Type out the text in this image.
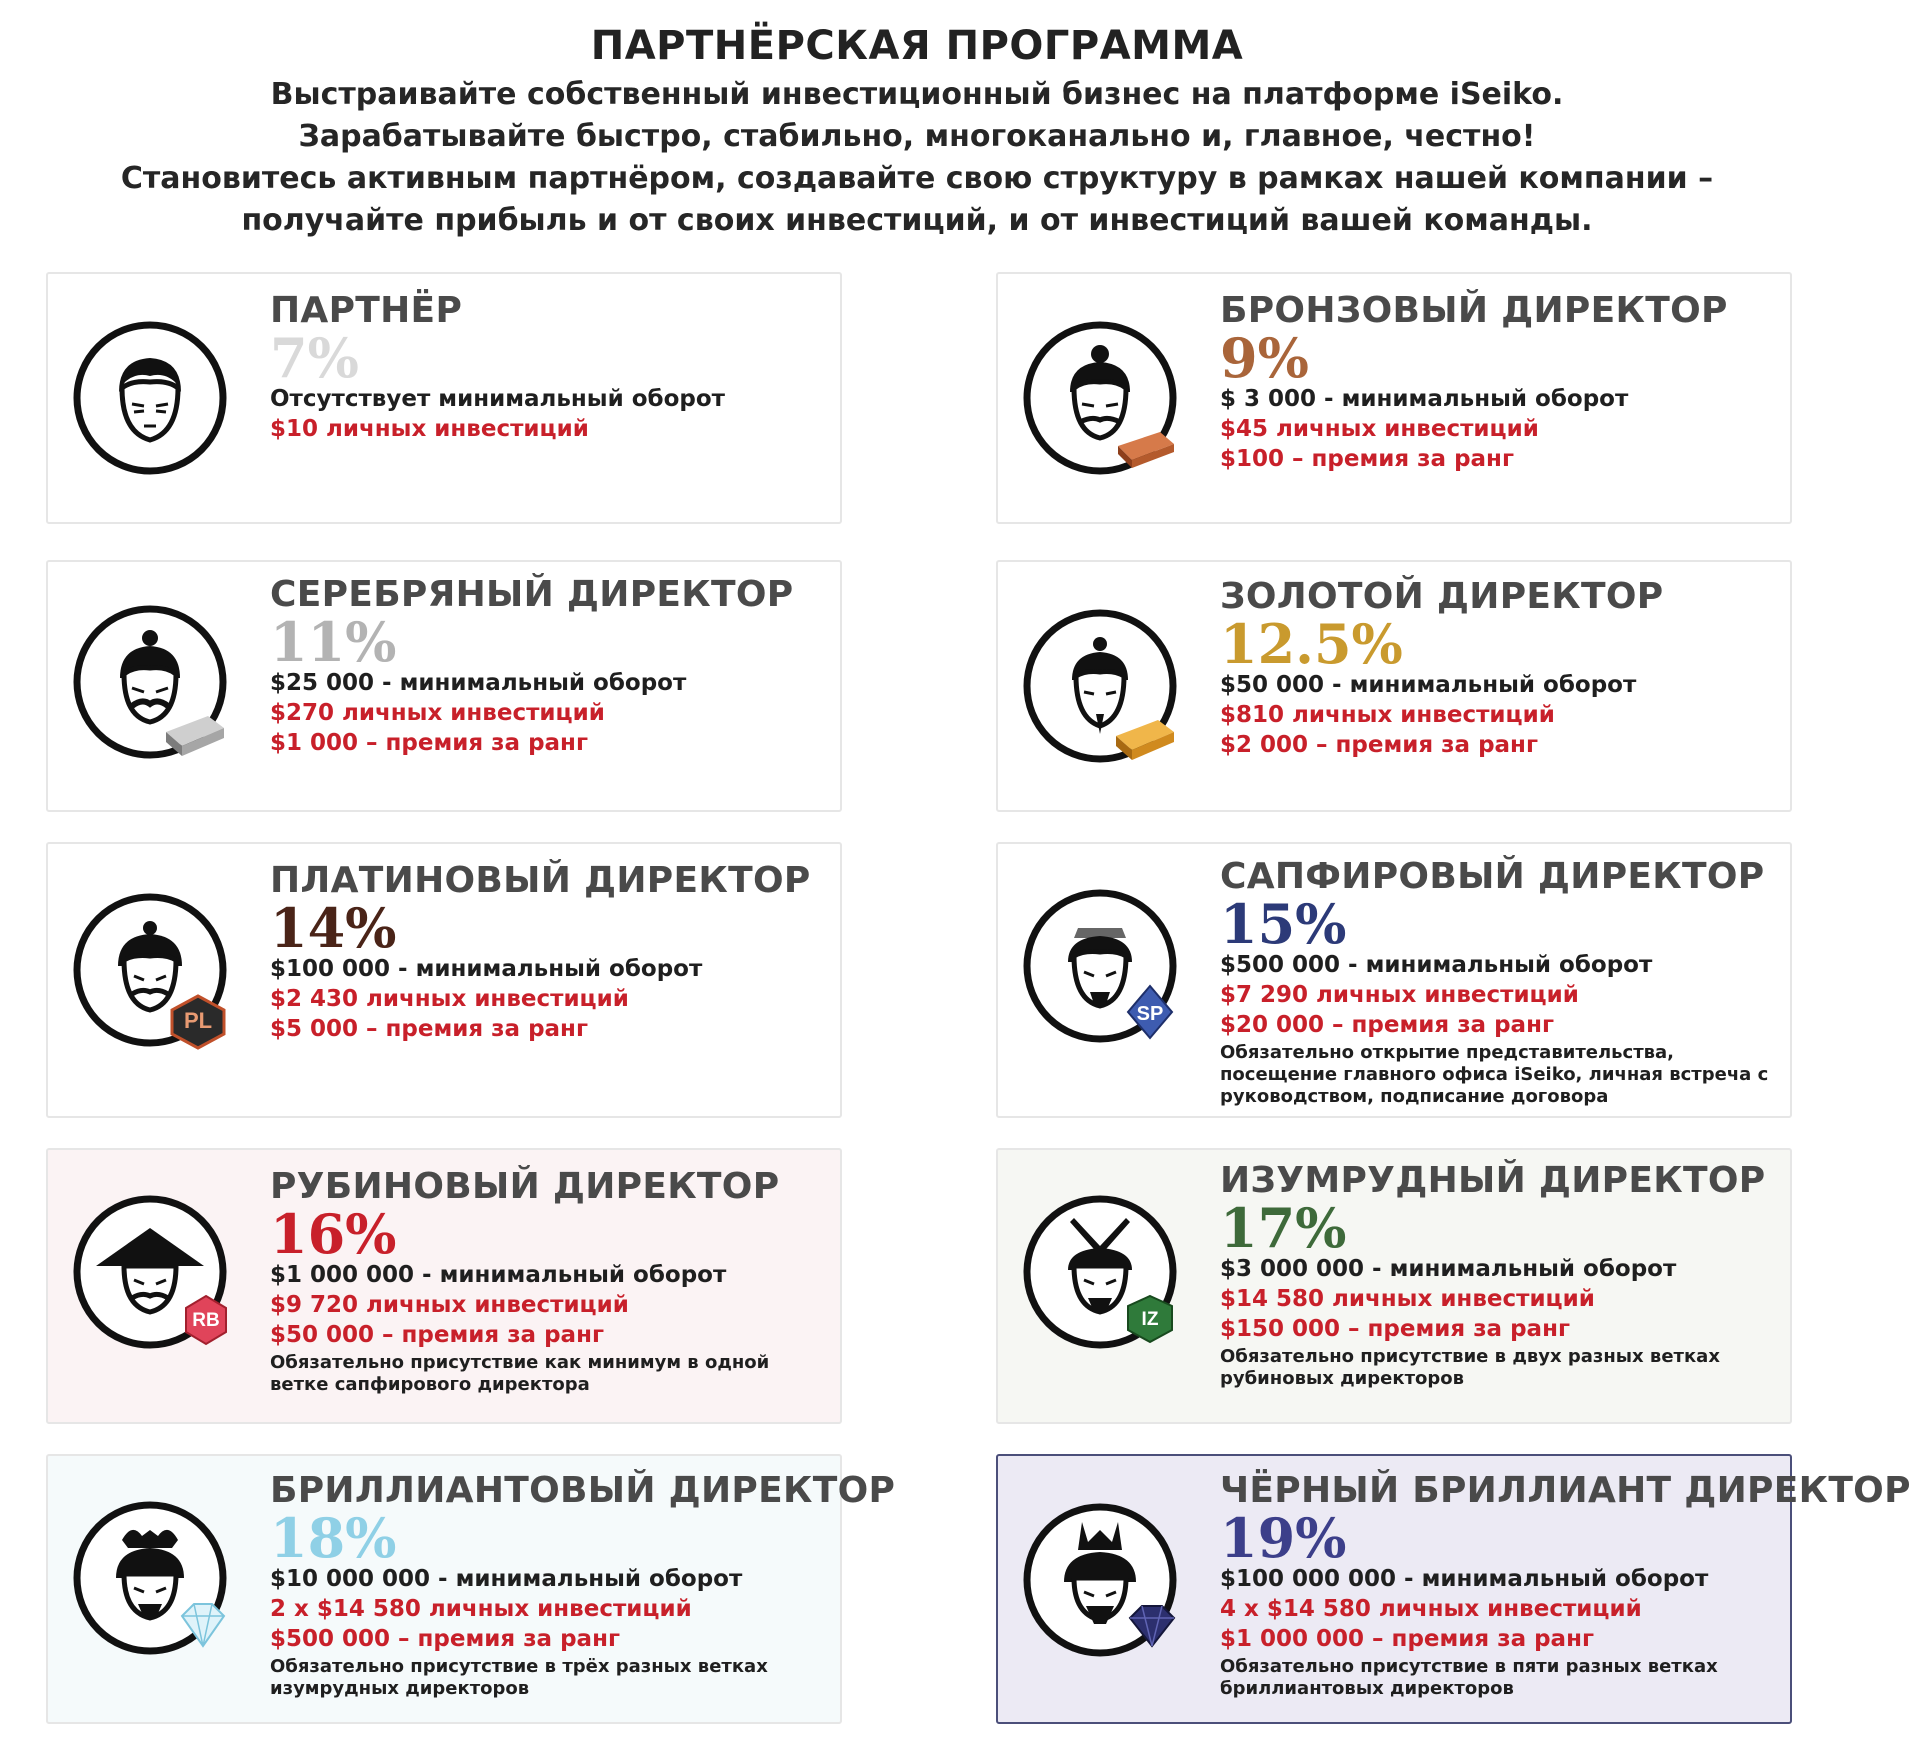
ПАРТНЁРСКАЯ ПРОГРАММА
Выстраивайте собственный инвестиционный бизнес на платформе iSeiko.
Зарабатывайте быстро, стабильно, многоканально и, главное, честно!
Становитесь активным партнёром, создавайте свою структуру в рамках нашей компании –
получайте прибыль и от своих инвестиций, и от инвестиций вашей команды.
ПАРТНЁР
7%
Отсутствует минимальный оборот
$10 личных инвестиций
БРОНЗОВЫЙ ДИРЕКТОР
9%
$ 3 000 - минимальный оборот
$45 личных инвестиций
$100 – премия за ранг
СЕРЕБРЯНЫЙ ДИРЕКТОР
11%
$25 000 - минимальный оборот
$270 личных инвестиций
$1 000 – премия за ранг
ЗОЛОТОЙ ДИРЕКТОР
12.5%
$50 000 - минимальный оборот
$810 личных инвестиций
$2 000 – премия за ранг
PL
ПЛАТИНОВЫЙ ДИРЕКТОР
14%
$100 000 - минимальный оборот
$2 430 личных инвестиций
$5 000 – премия за ранг
SP
САПФИРОВЫЙ ДИРЕКТОР
15%
$500 000 - минимальный оборот
$7 290 личных инвестиций
$20 000 – премия за ранг
Обязательно открытие представительства, посещение главного офиса iSeiko, личная встреча с руководством, подписание договора
RB
РУБИНОВЫЙ ДИРЕКТОР
16%
$1 000 000 - минимальный оборот
$9 720 личных инвестиций
$50 000 – премия за ранг
Обязательно присутствие как минимум в одной ветке сапфирового директора
IZ
ИЗУМРУДНЫЙ ДИРЕКТОР
17%
$3 000 000 - минимальный оборот
$14 580 личных инвестиций
$150 000 – премия за ранг
Обязательно присутствие в двух разных ветках рубиновых директоров
БРИЛЛИАНТОВЫЙ ДИРЕКТОР
18%
$10 000 000 - минимальный оборот
2 x $14 580 личных инвестиций
$500 000 – премия за ранг
Обязательно присутствие в трёх разных ветках изумрудных директоров
ЧЁРНЫЙ БРИЛЛИАНТ ДИРЕКТОР
19%
$100 000 000 - минимальный оборот
4 x $14 580 личных инвестиций
$1 000 000 – премия за ранг
Обязательно присутствие в пяти разных ветках бриллиантовых директоров
